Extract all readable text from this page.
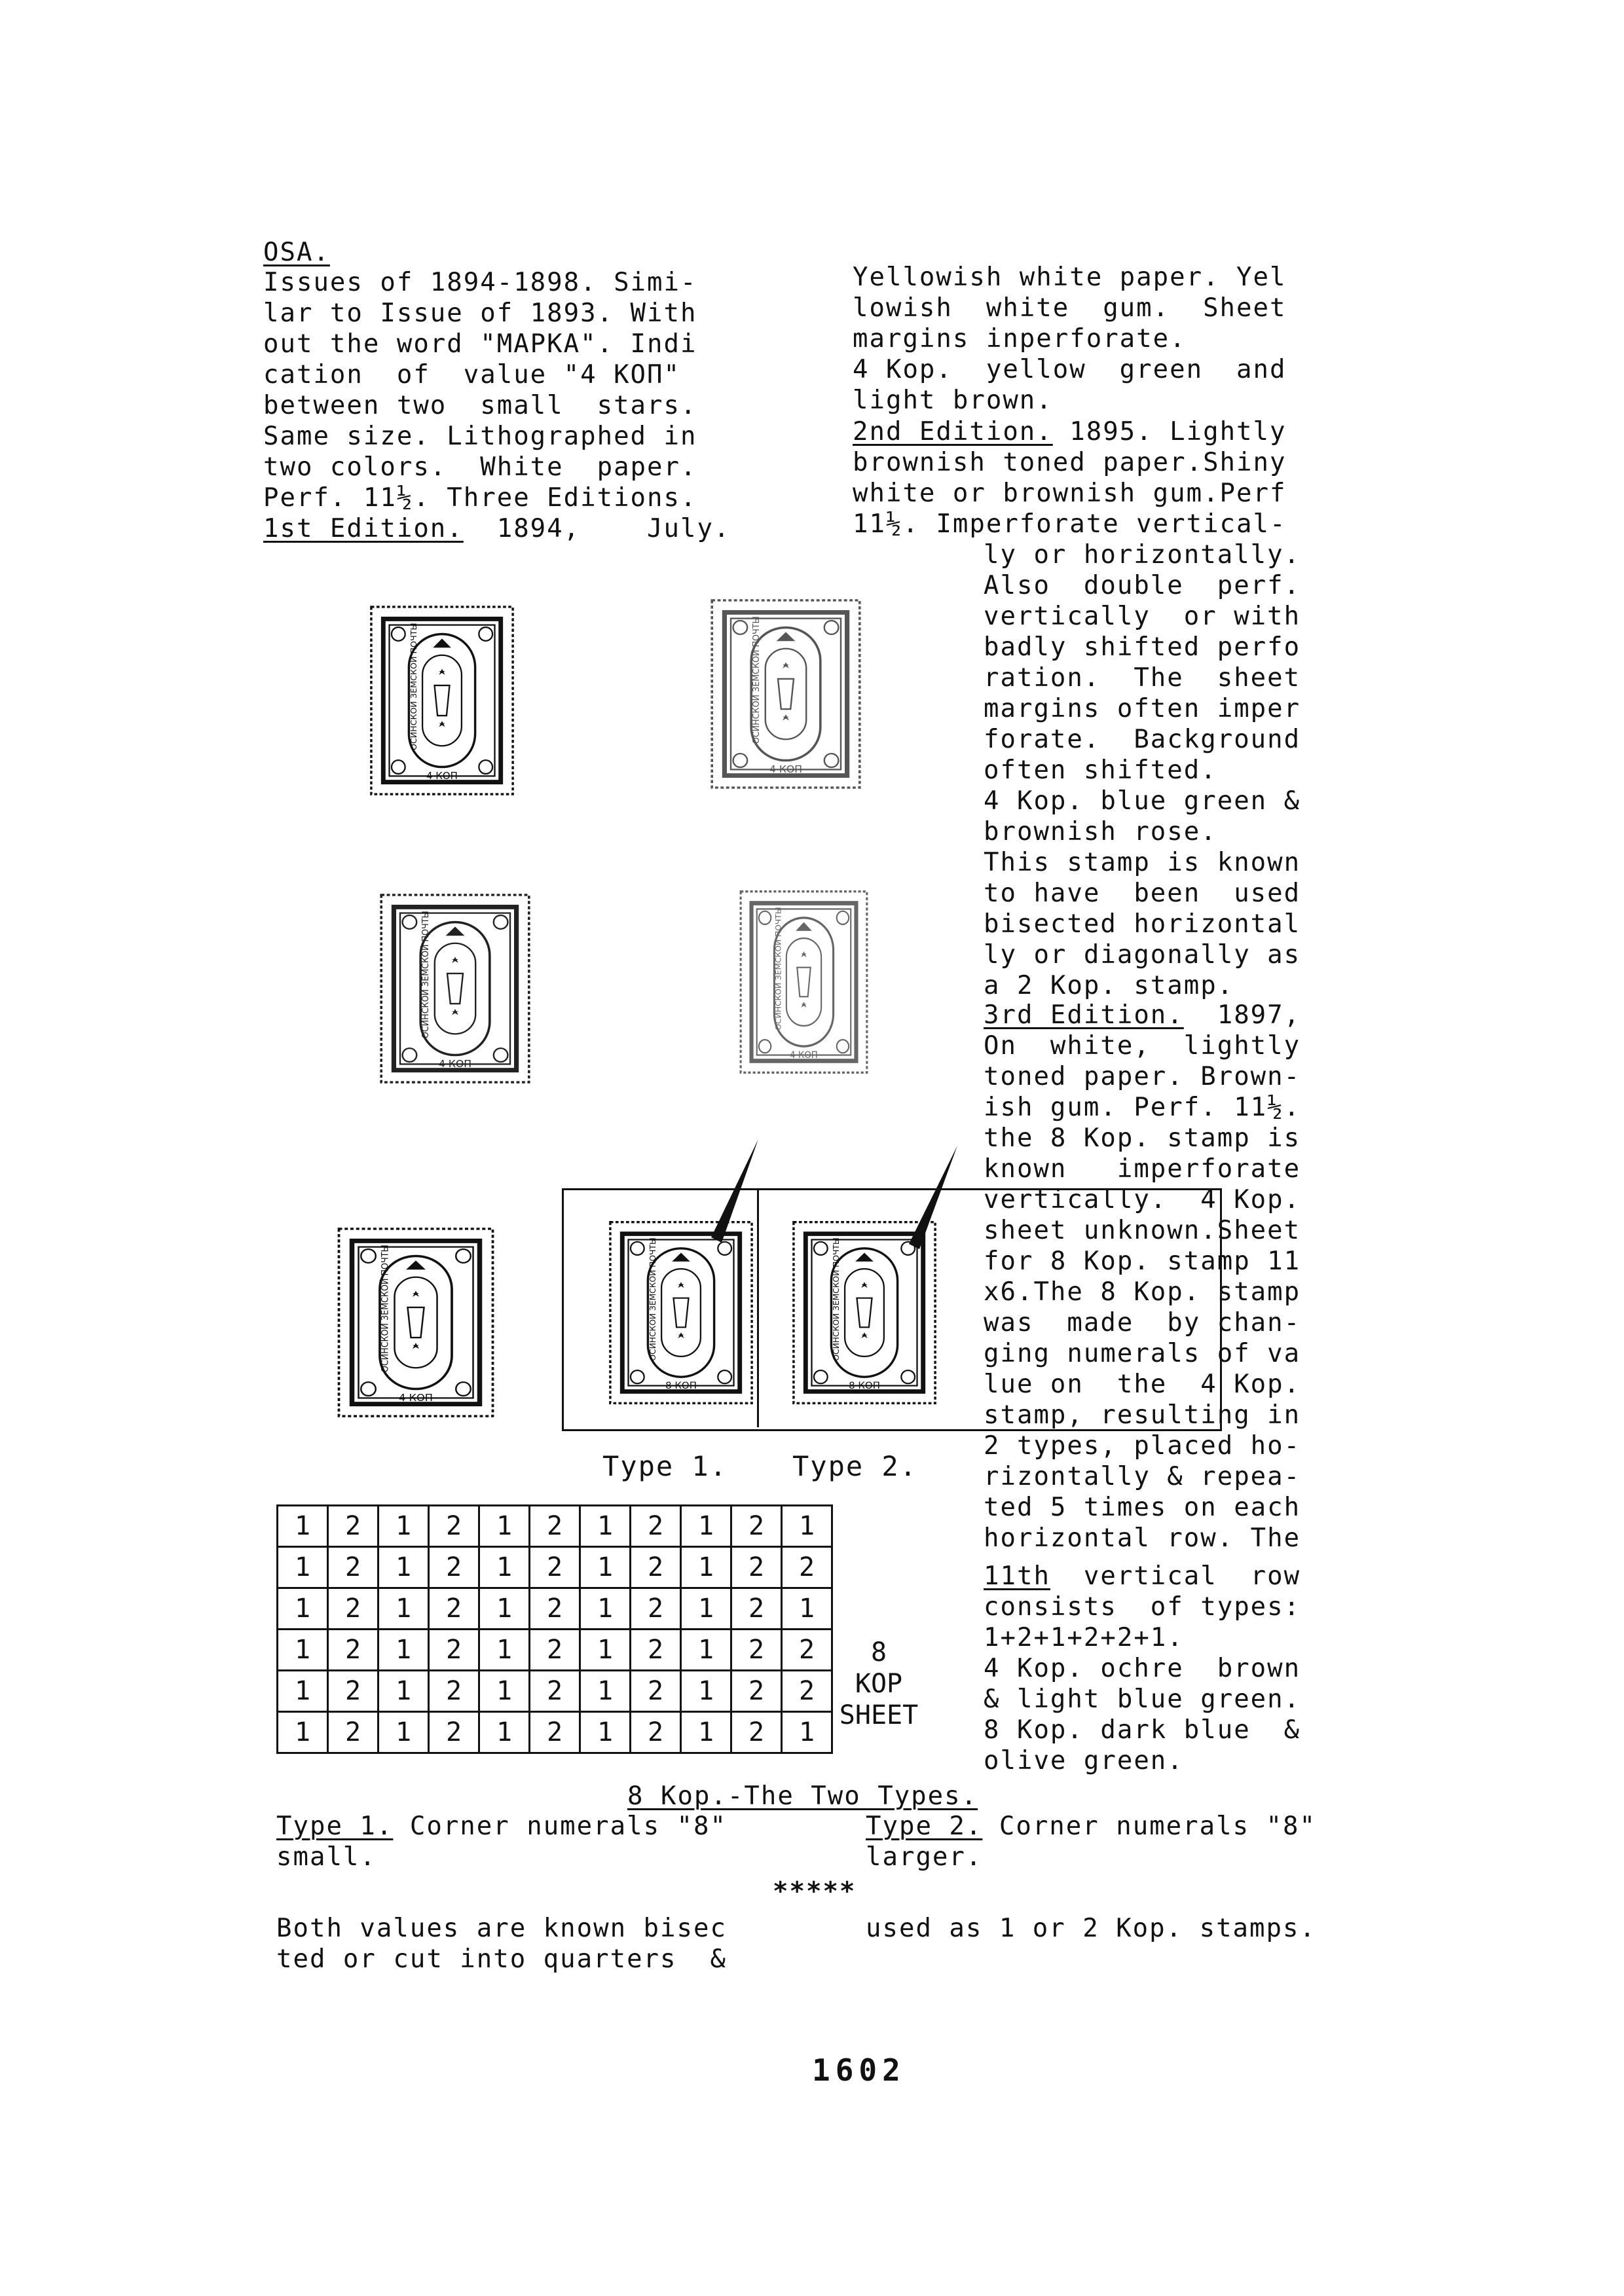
OSA.
Issues of 1894-1898. Simi-
lar to Issue of 1893. With
out the word "MAPKA". Indi
cation  of  value "4 KOП"
between two  small  stars.
Same size. Lithographed in
two colors.  White  paper.
Perf. 11½. Three Editions.
1st Edition.  1894,    July.
Yellowish white paper. Yel
lowish  white  gum.  Sheet
margins inperforate.
4 Kop.  yellow  green  and
light brown.
2nd Edition. 1895. Lightly
brownish toned paper.Shiny
white or brownish gum.Perf
11½. Imperforate vertical-
ly or horizontally.
Also  double  perf.
vertically  or with
badly shifted perfo
ration.  The  sheet
margins often imper
forate.  Background
often shifted.
4 Kop. blue green &
brownish rose.
This stamp is known
to have  been  used
bisected horizontal
ly or diagonally as
a 2 Kop. stamp.
3rd Edition.  1897,
On  white,  lightly
toned paper. Brown-
ish gum. Perf. 11½.
the 8 Kop. stamp is
known   imperforate
vertically.  4 Kop.
sheet unknown.Sheet
for 8 Kop. stamp 11
x6.The 8 Kop. stamp
was  made  by chan-
ging numerals of va
lue on  the  4 Kop.
stamp, resulting in
2 types, placed ho-
rizontally & repea-
ted 5 times on each
horizontal row. The
11th  vertical  row
consists  of types:
1+2+1+2+2+1.
4 Kop. ochre  brown
& light blue green.
8 Kop. dark blue  &
olive green.
4 КОП
ОСИНСКОЙ ЗЕМСКОЙ ПОЧТЫ
4 КОП
ОСИНСКОЙ ЗЕМСКОЙ ПОЧТЫ
4 КОП
ОСИНСКОЙ ЗЕМСКОЙ ПОЧТЫ
4 КОП
ОСИНСКОЙ ЗЕМСКОЙ ПОЧТЫ
4 КОП
ОСИНСКОЙ ЗЕМСКОЙ ПОЧТЫ
8 КОП
ОСИНСКОЙ ЗЕМСКОЙ ПОЧТЫ
8 КОП
ОСИНСКОЙ ЗЕМСКОЙ ПОЧТЫ
Type 1. Type 2.
1	2	1	2	1	2	1	2	1	2	1
1	2	1	2	1	2	1	2	1	2	2
1	2	1	2	1	2	1	2	1	2	1
1	2	1	2	1	2	1	2	1	2	2
1	2	1	2	1	2	1	2	1	2	2
1	2	1	2	1	2	1	2	1	2	1
8
KOP
SHEET
8 Kop.-The Two Types.
Type 1. Corner numerals "8"
small.
Type 2. Corner numerals "8"
larger.
*****
Both values are known bisec
ted or cut into quarters  &
used as 1 or 2 Kop. stamps.
1602
